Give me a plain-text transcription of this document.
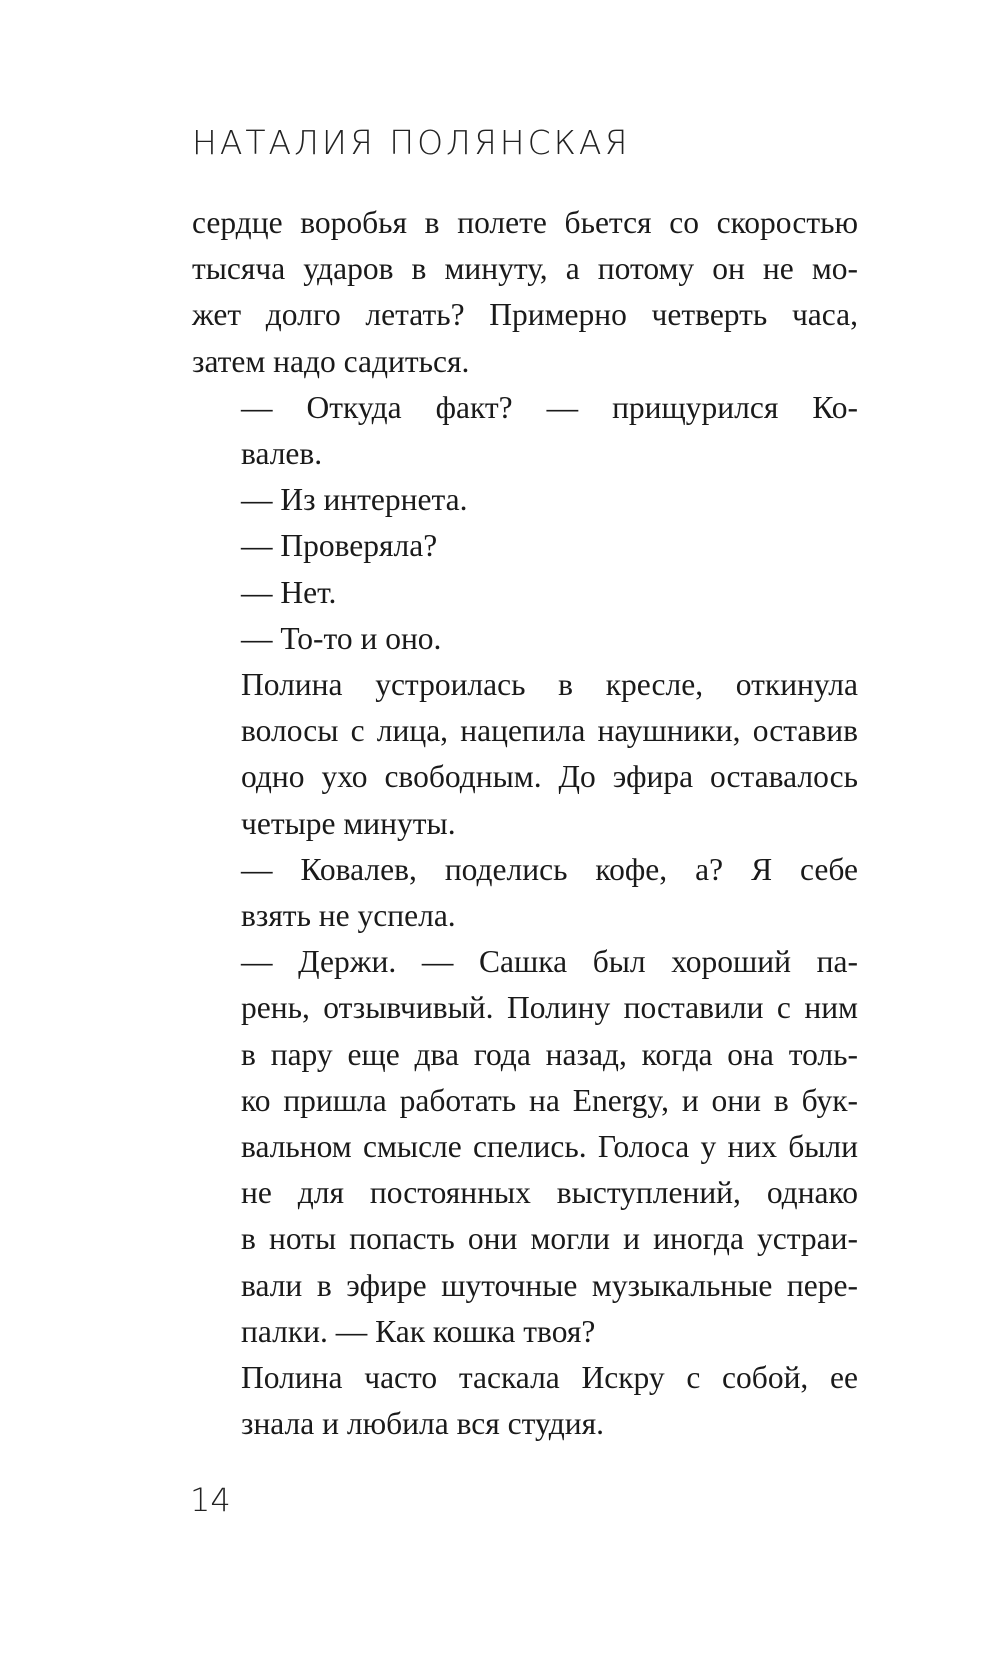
НАТАЛИЯ ПОЛЯНСКАЯ

сердце воробья в полете бьется со скоростью
тысяча ударов в минуту, а потому он не мо-
жет долго летать? Примерно четверть часа,
затем надо садиться.

— Откуда факт? — прищурился Ко-
валев.

— Из интернета.

— Проверяла?

— Нет.

— То-то и оно.

Полина устроилась в кресле, откинула
волосы с лица, нацепила наушники, оставив
одно ухо свободным. До эфира оставалось
четыре минуты.

— Ковалев, поделись кофе, а? Я себе
взять не успела.

— Держи. — Сашка был хороший па-
рень, отзывчивый. Полину поставили с ним
в пару еще два года назад, когда она толь-
ко пришла работать на Energy, и они в бук-
вальном смысле спелись. Голоса у них были
не для постоянных выступлений, однако
в ноты попасть они могли и иногда устраи-
вали в эфире шуточные музыкальные пере-
палки. — Как кошка твоя?

Полина часто таскала Искру с собой, ее
знала и любила вся студия.

14
